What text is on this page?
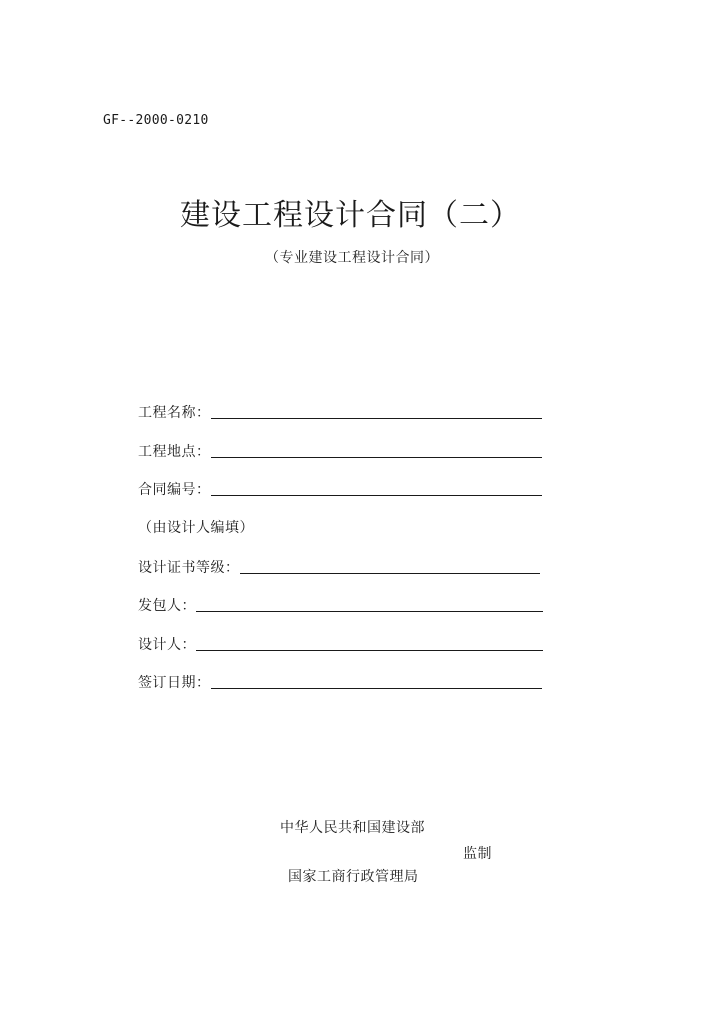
GF--2000-0210
建设工程设计合同（二）
（专业建设工程设计合同）
工程名称：
工程地点：
合同编号：
（由设计人编填）
设计证书等级：
发包人：
设计人：
签订日期：
中华人民共和国建设部
监制
国家工商行政管理局
